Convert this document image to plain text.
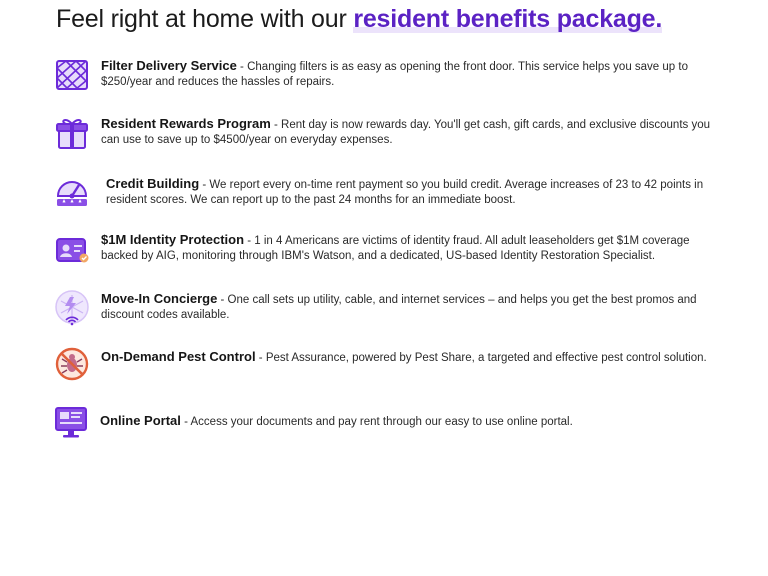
Feel right at home with our resident benefits package.
Filter Delivery Service - Changing filters is as easy as opening the front door. This service helps you save up to $250/year and reduces the hassles of repairs.
Resident Rewards Program - Rent day is now rewards day. You'll get cash, gift cards, and exclusive discounts you can use to save up to $4500/year on everyday expenses.
Credit Building - We report every on-time rent payment so you build credit. Average increases of 23 to 42 points in resident scores. We can report up to the past 24 months for an immediate boost.
$1M Identity Protection - 1 in 4 Americans are victims of identity fraud. All adult leaseholders get $1M coverage backed by AIG, monitoring through IBM's Watson, and a dedicated, US-based Identity Restoration Specialist.
Move-In Concierge - One call sets up utility, cable, and internet services – and helps you get the best promos and discount codes available.
On-Demand Pest Control - Pest Assurance, powered by Pest Share, a targeted and effective pest control solution.
Online Portal - Access your documents and pay rent through our easy to use online portal.
